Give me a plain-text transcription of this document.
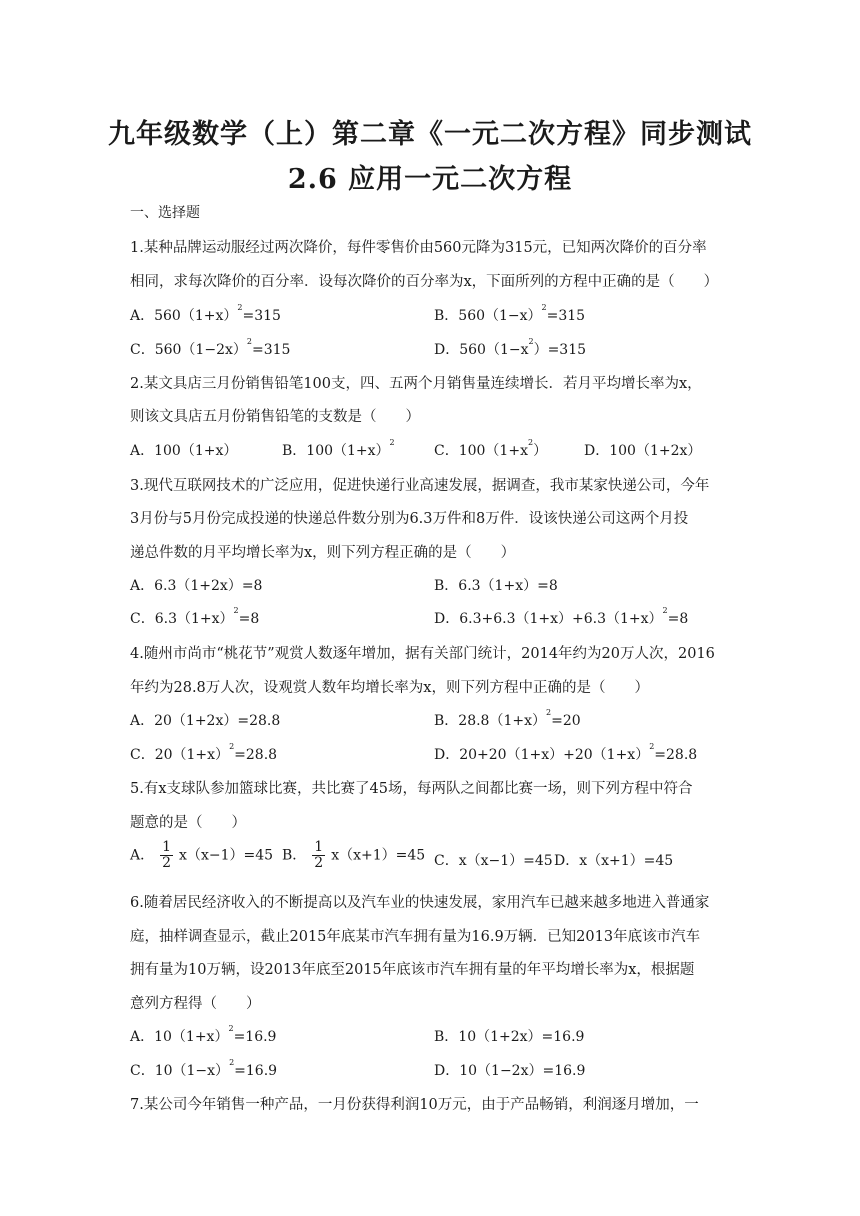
九年级数学（上）第二章《一元二次方程》同步测试
2.6 应用一元二次方程
一、选择题
1.某种品牌运动服经过两次降价，每件零售价由560元降为315元，已知两次降价的百分率
相同，求每次降价的百分率．设每次降价的百分率为x，下面所列的方程中正确的是（　　）
A．$560(1+x)^2=315$	B．$560(1-x)^2=315$
C．$560(1-2x)^2=315$	D．$560(1-x^2)=315$
2.某文具店三月份销售铅笔100支，四、五两个月销售量连续增长．若月平均增长率为x，
则该文具店五月份销售铅笔的支数是（　　）
A．100（1+x）	B．$100(1+x)^2$
C．$100(1+x^2)$	D．100（1+2x）
3.现代互联网技术的广泛应用，促进快递行业高速发展，据调查，我市某家快递公司，今年
3月份与5月份完成投递的快递总件数分别为6.3万件和8万件．设该快递公司这两个月投
递总件数的月平均增长率为x，则下列方程正确的是（　　）
A．6.3（1+2x）=8	B．6.3（1+x）=8
C．$6.3(1+x)^2=8$	D．$6.3+6.3(1+x)+6.3(1+x)^2=8$
4.随州市尚市“桃花节”观赏人数逐年增加，据有关部门统计，2014年约为20万人次，2016
年约为28.8万人次，设观赏人数年均增长率为x，则下列方程中正确的是（　　）
A．20（1+2x）=28.8	B．$28.8(1+x)^2=20$
C．$20(1+x)^2=28.8$	D．$20+20(1+x)+20(1+x)^2=28.8$
5.有x支球队参加篮球比赛，共比赛了45场，每两队之间都比赛一场，则下列方程中符合
题意的是（　　）
A． $\frac{1}{2} x(x-1)=45$ B． $\frac{1}{2} x(x+1)=45$ C．x（x−1）=45 D．x（x+1）=45
6.随着居民经济收入的不断提高以及汽车业的快速发展，家用汽车已越来越多地进入普通家
庭，抽样调查显示，截止2015年底某市汽车拥有量为16.9万辆．已知2013年底该市汽车
拥有量为10万辆，设2013年底至2015年底该市汽车拥有量的年平均增长率为x，根据题
意列方程得（　　）
A．$10(1+x)^2=16.9$	B．10（1+2x）=16.9
C．$10(1-x)^2=16.9$	D．10（1−2x）=16.9
7.某公司今年销售一种产品，一月份获得利润10万元，由于产品畅销，利润逐月增加，一
